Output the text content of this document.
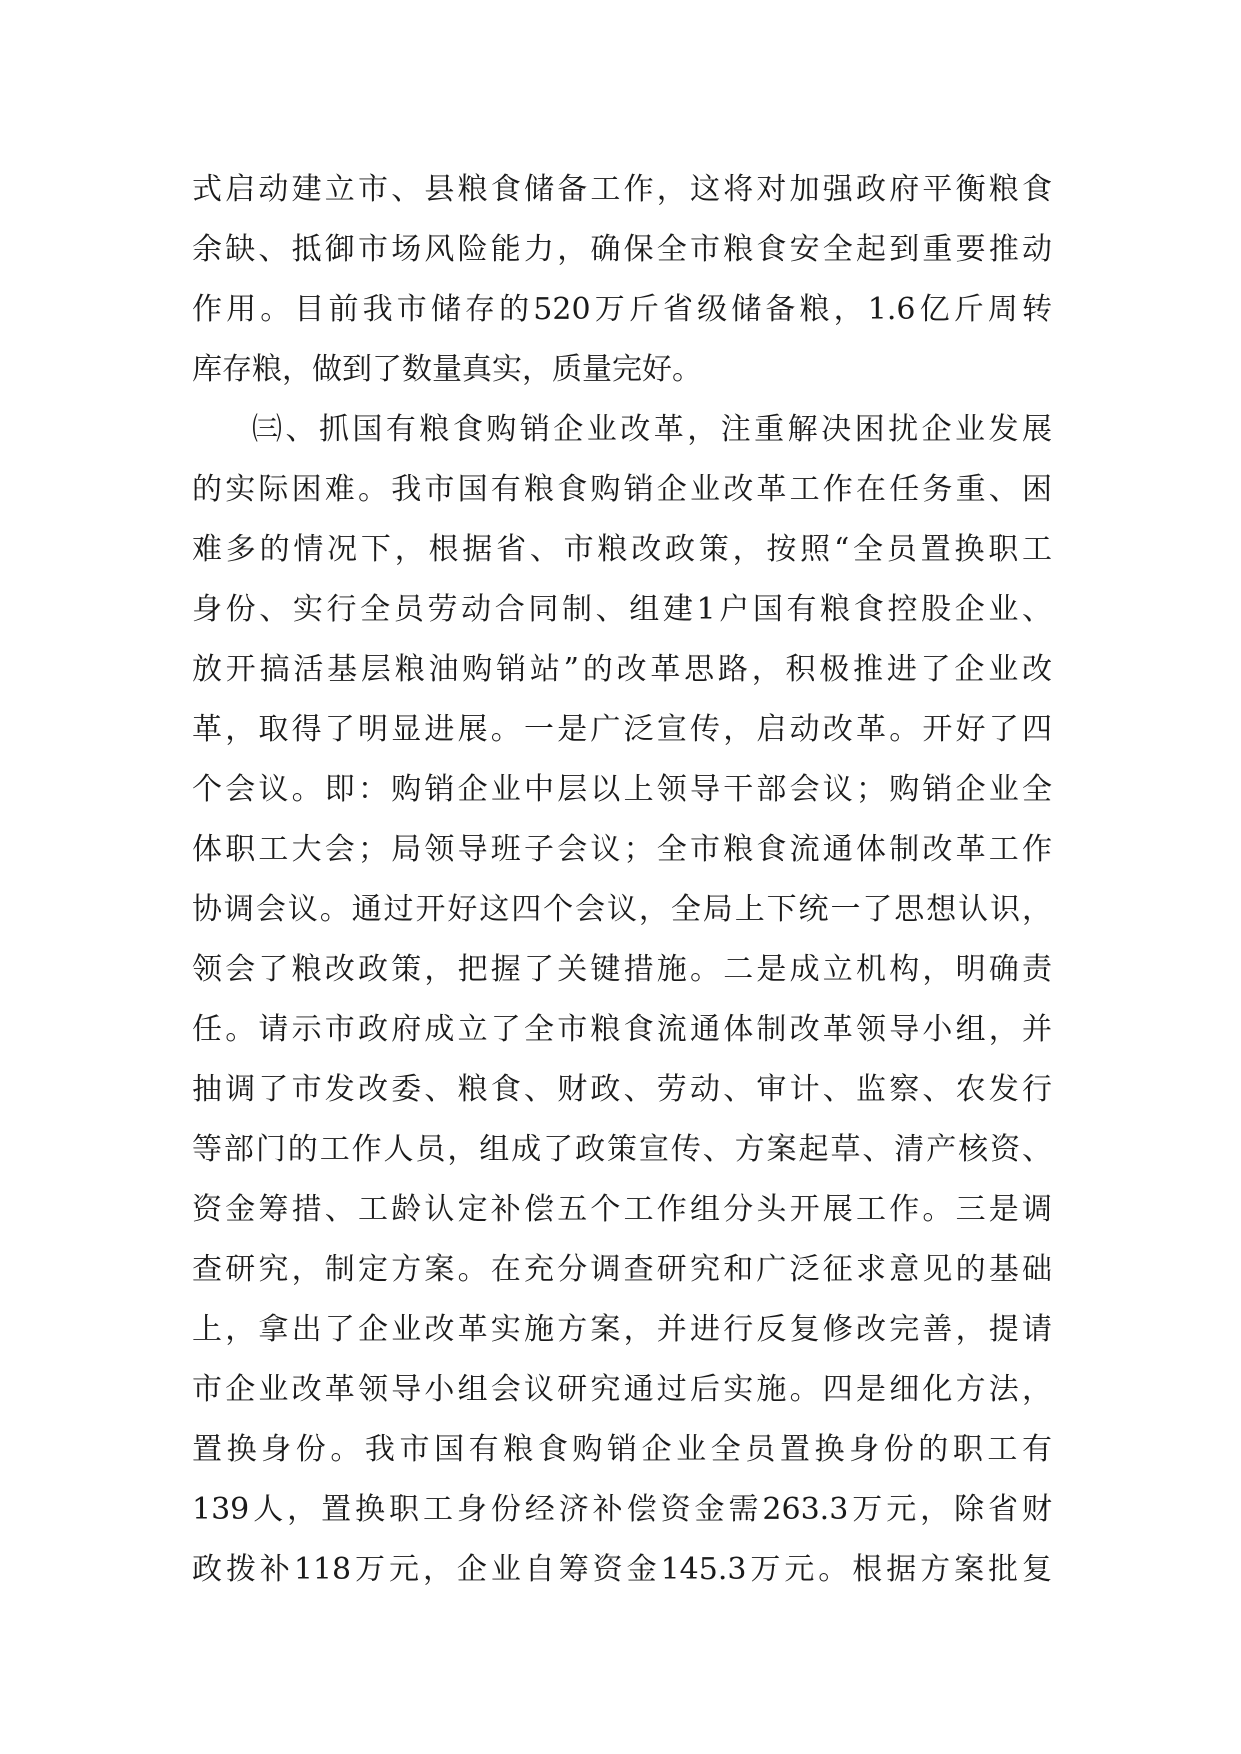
式启动建立市、县粮食储备工作，这将对加强政府平衡粮食
余缺、抵御市场风险能力，确保全市粮食安全起到重要推动
作用。目前我市储存的520万斤省级储备粮，1.6亿斤周转
库存粮，做到了数量真实，质量完好。
㈢、抓国有粮食购销企业改革，注重解决困扰企业发展
的实际困难。我市国有粮食购销企业改革工作在任务重、困
难多的情况下，根据省、市粮改政策，按照“全员置换职工
身份、实行全员劳动合同制、组建1户国有粮食控股企业、
放开搞活基层粮油购销站”的改革思路，积极推进了企业改
革，取得了明显进展。一是广泛宣传，启动改革。开好了四
个会议。即：购销企业中层以上领导干部会议；购销企业全
体职工大会；局领导班子会议；全市粮食流通体制改革工作
协调会议。通过开好这四个会议，全局上下统一了思想认识，
领会了粮改政策，把握了关键措施。二是成立机构，明确责
任。请示市政府成立了全市粮食流通体制改革领导小组，并
抽调了市发改委、粮食、财政、劳动、审计、监察、农发行
等部门的工作人员，组成了政策宣传、方案起草、清产核资、
资金筹措、工龄认定补偿五个工作组分头开展工作。三是调
查研究，制定方案。在充分调查研究和广泛征求意见的基础
上，拿出了企业改革实施方案，并进行反复修改完善，提请
市企业改革领导小组会议研究通过后实施。四是细化方法，
置换身份。我市国有粮食购销企业全员置换身份的职工有
139人，置换职工身份经济补偿资金需263.3万元，除省财
政拨补118万元，企业自筹资金145.3万元。根据方案批复
